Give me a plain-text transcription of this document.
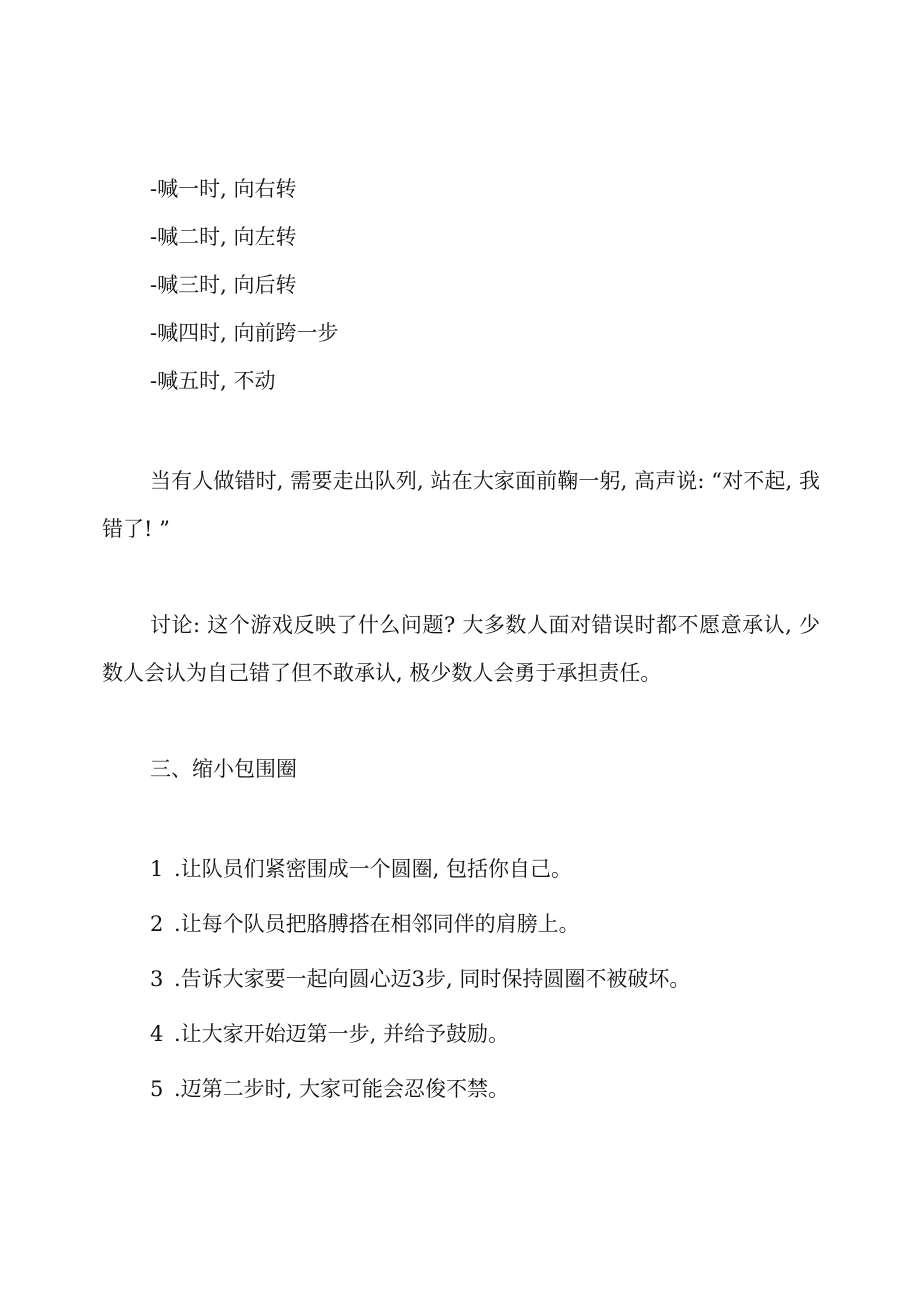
-喊一时, 向右转
-喊二时, 向左转
-喊三时, 向后转
-喊四时, 向前跨一步
-喊五时, 不动
当有人做错时, 需要走出队列, 站在大家面前鞠一躬, 高声说: “对不起, 我错了! ”
讨论: 这个游戏反映了什么问题? 大多数人面对错误时都不愿意承认, 少数人会认为自己错了但不敢承认, 极少数人会勇于承担责任。
三、缩小包围圈
1 .让队员们紧密围成一个圆圈, 包括你自己。
2 .让每个队员把胳膊搭在相邻同伴的肩膀上。
3 .告诉大家要一起向圆心迈3步, 同时保持圆圈不被破坏。
4 .让大家开始迈第一步, 并给予鼓励。
5 .迈第二步时, 大家可能会忍俊不禁。
